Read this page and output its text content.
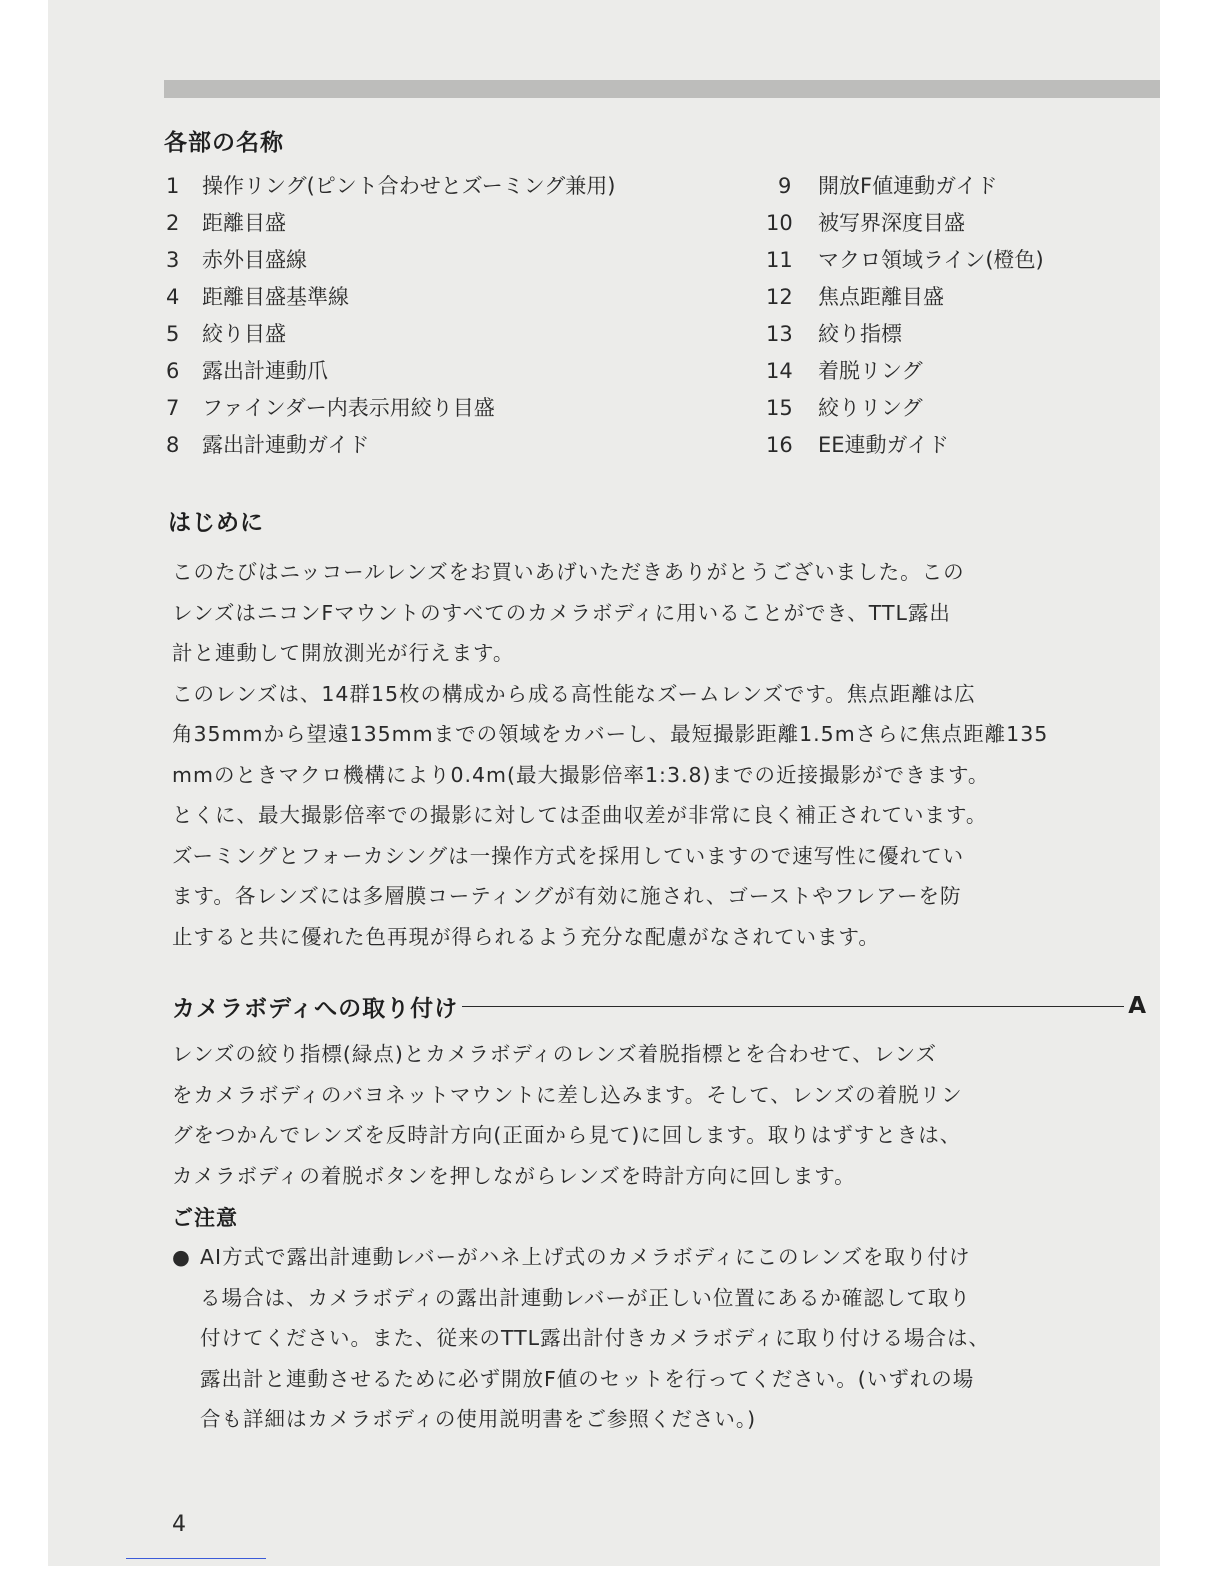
各部の名称
1	操作リング(ピント合わせとズーミング兼用)
2	距離目盛
3	赤外目盛線
4	距離目盛基準線
5	絞り目盛
6	露出計連動爪
7	ファインダー内表示用絞り目盛
8	露出計連動ガイド
9	開放F値連動ガイド
10	被写界深度目盛
11	マクロ領域ライン(橙色)
12	焦点距離目盛
13	絞り指標
14	着脱リング
15	絞りリング
16	EE連動ガイド
はじめに

このたびはニッコールレンズをお買いあげいただきありがとうございました。この

レンズはニコンFマウントのすべてのカメラボディに用いることができ、TTL露出

計と連動して開放測光が行えます。

このレンズは、14群15枚の構成から成る高性能なズームレンズです。焦点距離は広

角35mmから望遠135mmまでの領域をカバーし、最短撮影距離1.5mさらに焦点距離135

mmのときマクロ機構により0.4m(最大撮影倍率1:3.8)までの近接撮影ができます。

とくに、最大撮影倍率での撮影に対しては歪曲収差が非常に良く補正されています。

ズーミングとフォーカシングは一操作方式を採用していますので速写性に優れてい

ます。各レンズには多層膜コーティングが有効に施され、ゴーストやフレアーを防

止すると共に優れた色再現が得られるよう充分な配慮がなされています。

カメラボディへの取り付け	A

レンズの絞り指標(緑点)とカメラボディのレンズ着脱指標とを合わせて、レンズ

をカメラボディのバヨネットマウントに差し込みます。そして、レンズの着脱リン

グをつかんでレンズを反時計方向(正面から見て)に回します。取りはずすときは、

カメラボディの着脱ボタンを押しながらレンズを時計方向に回します。

ご注意
● AI方式で露出計連動レバーがハネ上げ式のカメラボディにこのレンズを取り付け
る場合は、カメラボディの露出計連動レバーが正しい位置にあるか確認して取り
付けてください。また、従来のTTL露出計付きカメラボディに取り付ける場合は、
露出計と連動させるために必ず開放F値のセットを行ってください。(いずれの場
合も詳細はカメラボディの使用説明書をご参照ください。)
4
